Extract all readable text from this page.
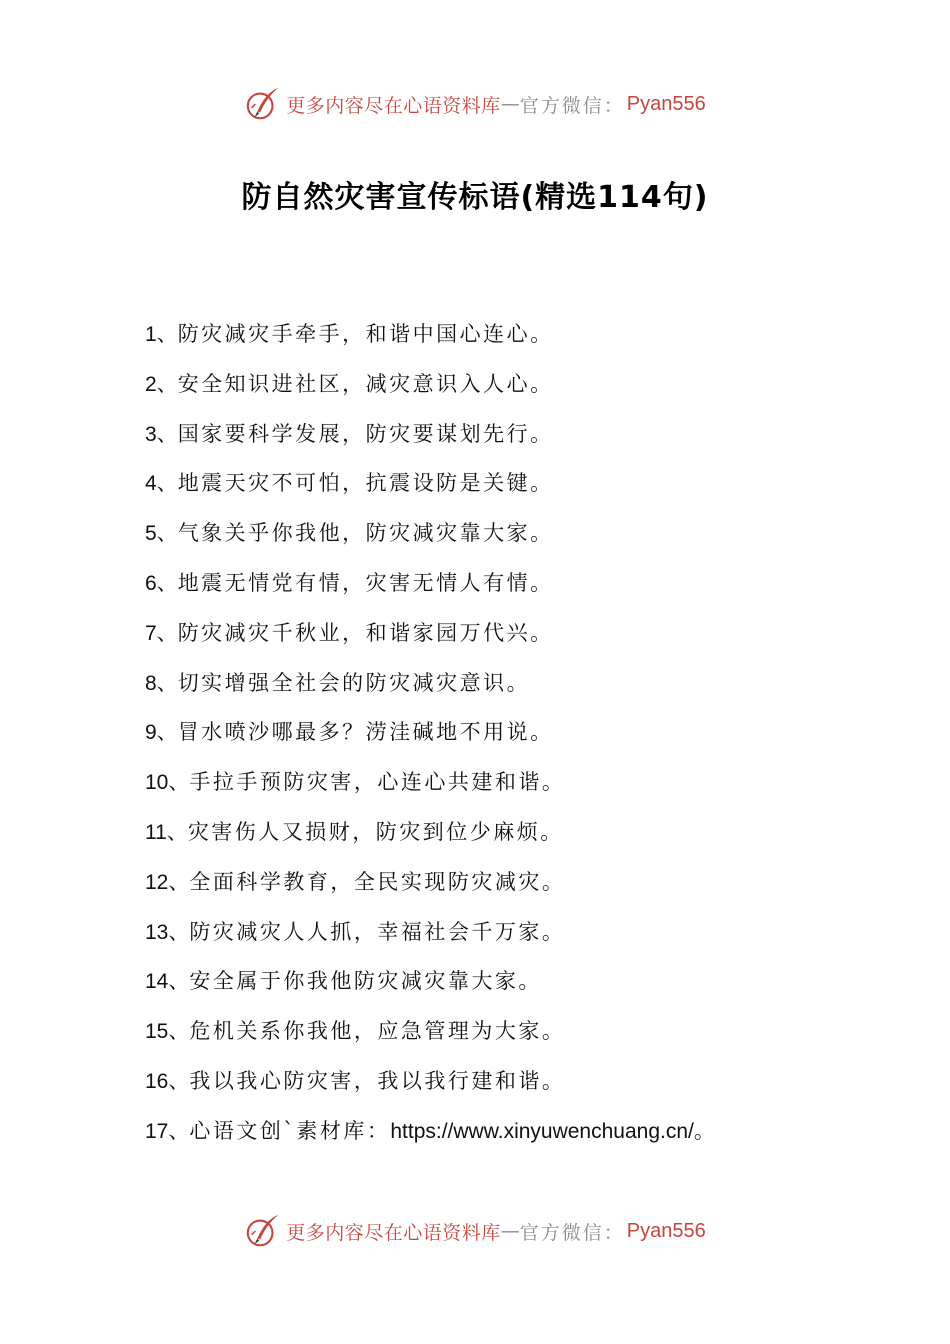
更多内容尽在心语资料库 — 官方微信： Pyan556
防自然灾害宣传标语(精选114句)
1、防灾减灾手牵手，和谐中国心连心。
2、安全知识进社区，减灾意识入人心。
3、国家要科学发展，防灾要谋划先行。
4、地震天灾不可怕，抗震设防是关键。
5、气象关乎你我他，防灾减灾靠大家。
6、地震无情党有情，灾害无情人有情。
7、防灾减灾千秋业，和谐家园万代兴。
8、切实增强全社会的防灾减灾意识。
9、冒水喷沙哪最多？涝洼碱地不用说。
10、手拉手预防灾害，心连心共建和谐。
11、灾害伤人又损财，防灾到位少麻烦。
12、全面科学教育，全民实现防灾减灾。
13、防灾减灾人人抓，幸福社会千万家。
14、安全属于你我他防灾减灾靠大家。
15、危机关系你我他，应急管理为大家。
16、我以我心防灾害，我以我行建和谐。
17、心语文创`素材库：https://www.xinyuwenchuang.cn/。
更多内容尽在心语资料库 — 官方微信： Pyan556
